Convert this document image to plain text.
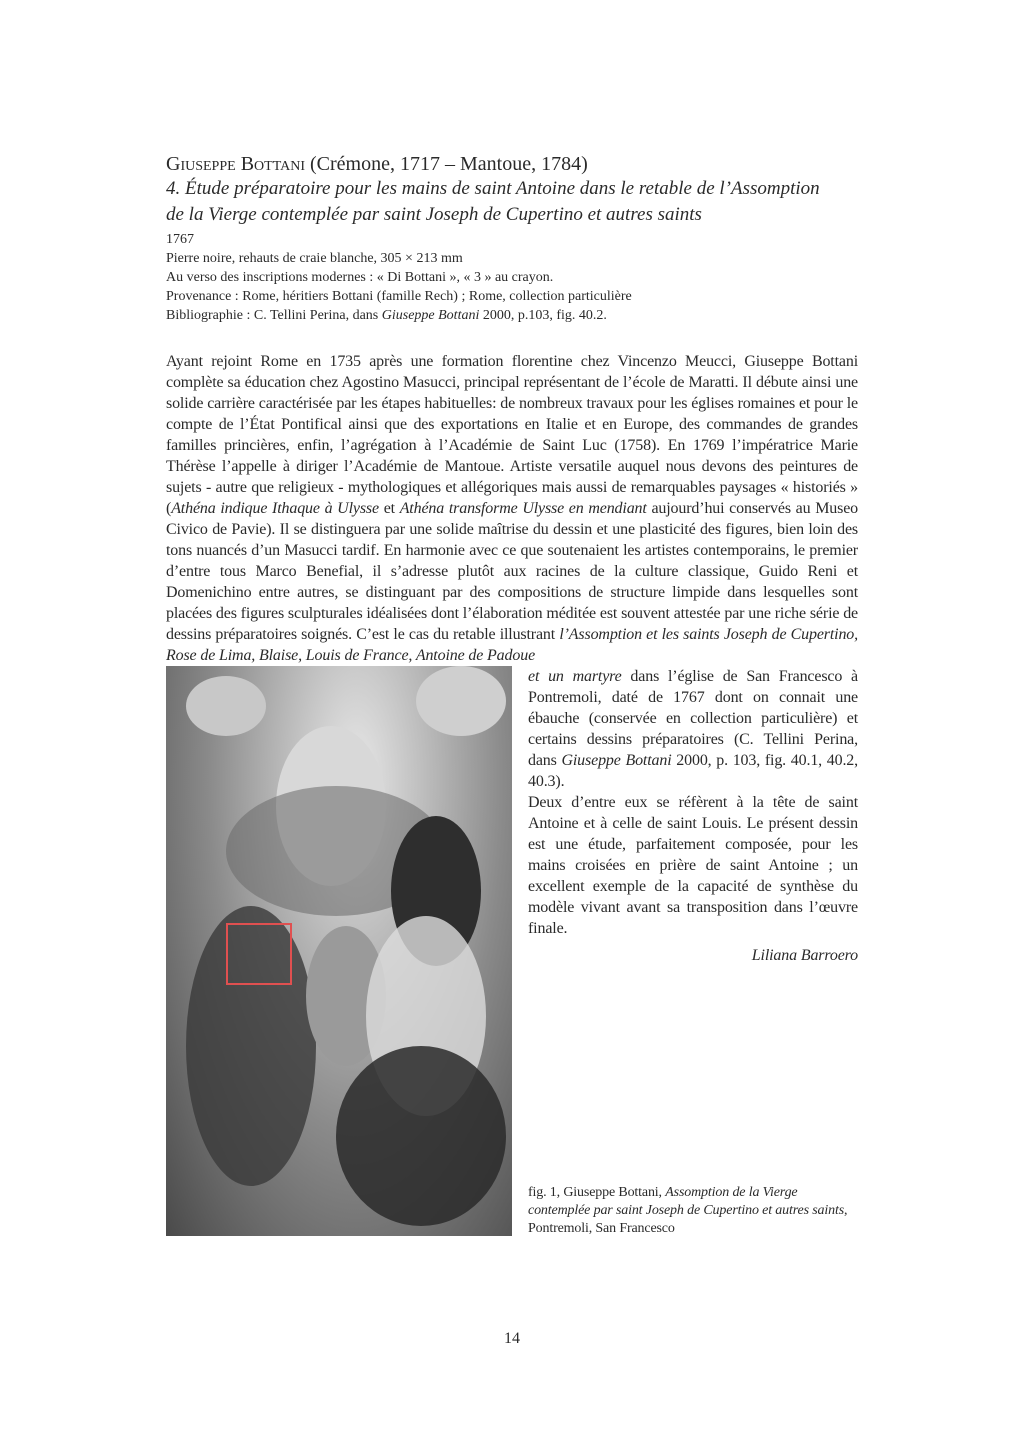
Giuseppe Bottani (Crémone, 1717 – Mantoue, 1784)
4. Étude préparatoire pour les mains de saint Antoine dans le retable de l’Assomption
de la Vierge contemplée par saint Joseph de Cupertino et autres saints
1767
Pierre noire, rehauts de craie blanche, 305 × 213 mm
Au verso des inscriptions modernes : « Di Bottani », « 3 » au crayon.
Provenance : Rome, héritiers Bottani (famille Rech) ; Rome, collection particulière
Bibliographie : C. Tellini Perina, dans Giuseppe Bottani 2000, p.103, fig. 40.2.
Ayant rejoint Rome en 1735 après une formation florentine chez Vincenzo Meucci, Giuseppe Bottani complète sa éducation chez Agostino Masucci, principal représentant de l’école de Maratti. Il débute ainsi une solide carrière caractérisée par les étapes habituelles: de nombreux travaux pour les églises romaines et pour le compte de l’État Pontifical ainsi que des exportations en Italie et en Europe, des commandes de grandes familles princières, enfin, l’agrégation à l’Académie de Saint Luc (1758). En 1769 l’impératrice Marie Thérèse l’appelle à diriger l’Académie de Mantoue. Artiste versatile auquel nous devons des peintures de sujets - autre que religieux - mythologiques et allégoriques mais aussi de remarquables paysages « historiés » (Athéna indique Ithaque à Ulysse et Athéna transforme Ulysse en mendiant aujourd’hui conservés au Museo Civico de Pavie). Il se distinguera par une solide maîtrise du dessin et une plasticité des figures, bien loin des tons nuancés d’un Masucci tardif. En harmonie avec ce que soutenaient les artistes contemporains, le premier d’entre tous Marco Benefial, il s’adresse plutôt aux racines de la culture classique, Guido Reni et Domenichino entre autres, se distinguant par des compositions de structure limpide dans lesquelles sont placées des figures sculpturales idéalisées dont l’élaboration méditée est souvent attestée par une riche série de dessins préparatoires soignés. C’est le cas du retable illustrant l’Assomption et les saints Joseph de Cupertino, Rose de Lima, Blaise, Louis de France, Antoine de Padoue
et un martyre dans l’église de San Francesco à Pontremoli, daté de 1767 dont on connait une ébauche (conservée en collection particulière) et certains dessins préparatoires (C. Tellini Perina, dans Giuseppe Bottani 2000, p. 103, fig. 40.1, 40.2, 40.3).
Deux d’entre eux se réfèrent à la tête de saint Antoine et à celle de saint Louis. Le présent dessin est une étude, parfaitement composée, pour les mains croisées en prière de saint Antoine ; un excellent exemple de la capacité de synthèse du modèle vivant avant sa transposition dans l’œuvre finale.
Liliana Barroero
fig. 1, Giuseppe Bottani, Assomption de la Vierge contemplée par saint Joseph de Cupertino et autres saints, Pontremoli, San Francesco
14
